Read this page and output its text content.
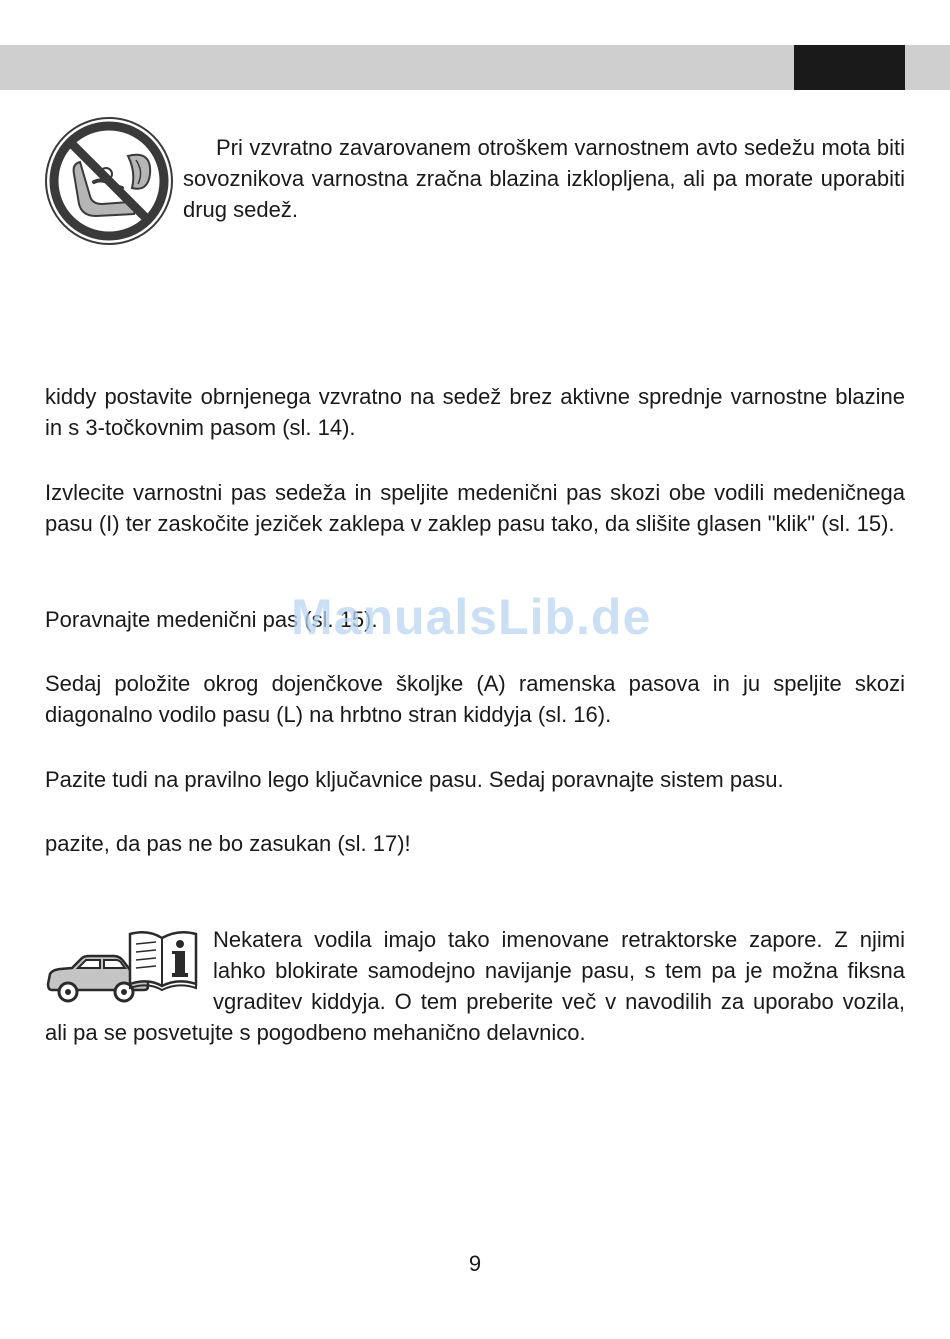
Pri vzvratno zavarovanem otroškem varnostnem avto sedežu mota biti sovoznikova varnostna zračna blazina izklopljena, ali pa morate uporabiti drug sedež.

kiddy postavite obrnjenega vzvratno na sedež brez aktivne sprednje varnostne blazine in s 3-točkovnim pasom (sl. 14).

Izvlecite varnostni pas sedeža in speljite medenični pas skozi obe vodili medeničnega pasu (I) ter zaskočite jeziček zaklepa v zaklep pasu tako, da slišite glasen "klik" (sl. 15).

Poravnajte medenični pas (sl. 15).

Sedaj položite okrog dojenčkove školjke (A) ramenska pasova in ju speljite skozi diagonalno vodilo pasu (L) na hrbtno stran kiddyja (sl. 16).

Pazite tudi na pravilno lego ključavnice pasu. Sedaj poravnajte sistem pasu.

pazite, da pas ne bo zasukan (sl. 17)!

ManualsLib.de

Nekatera vodila imajo tako imenovane retraktorske zapore. Z njimi lahko blokirate samodejno navijanje pasu, s tem pa je možna fiksna vgraditev kiddyja. O tem preberite več v navodilih za uporabo vozila, ali pa se posvetujte s pogodbeno mehanično delavnico.

9
